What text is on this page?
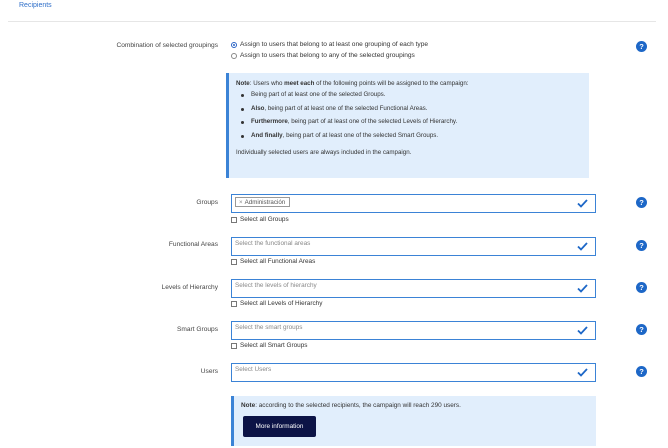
Recipients
Combination of selected groupings	Assign to users that belong to at least one grouping of each type
Assign to users that belong to any of the selected groupings
?

Note: Users who meet each of the following points will be assigned to the campaign:

Being part of at least one of the selected Groups.
Also, being part of at least one of the selected Functional Areas.
Furthermore, being part of at least one of the selected Levels of Hierarchy.
And finally, being part of at least one of the selected Smart Groups.

Individually selected users are always included in the campaign.

Groups	× Administración
Select all Groups
?
Functional Areas	Select the functional areas
Select all Functional Areas
?
Levels of Hierarchy	Select the levels of hierarchy
Select all Levels of Hierarchy
?
Smart Groups	Select the smart groups
Select all Smart Groups
?
Users	Select Users	?

Note: according to the selected recipients, the campaign will reach 290 users.

More information
